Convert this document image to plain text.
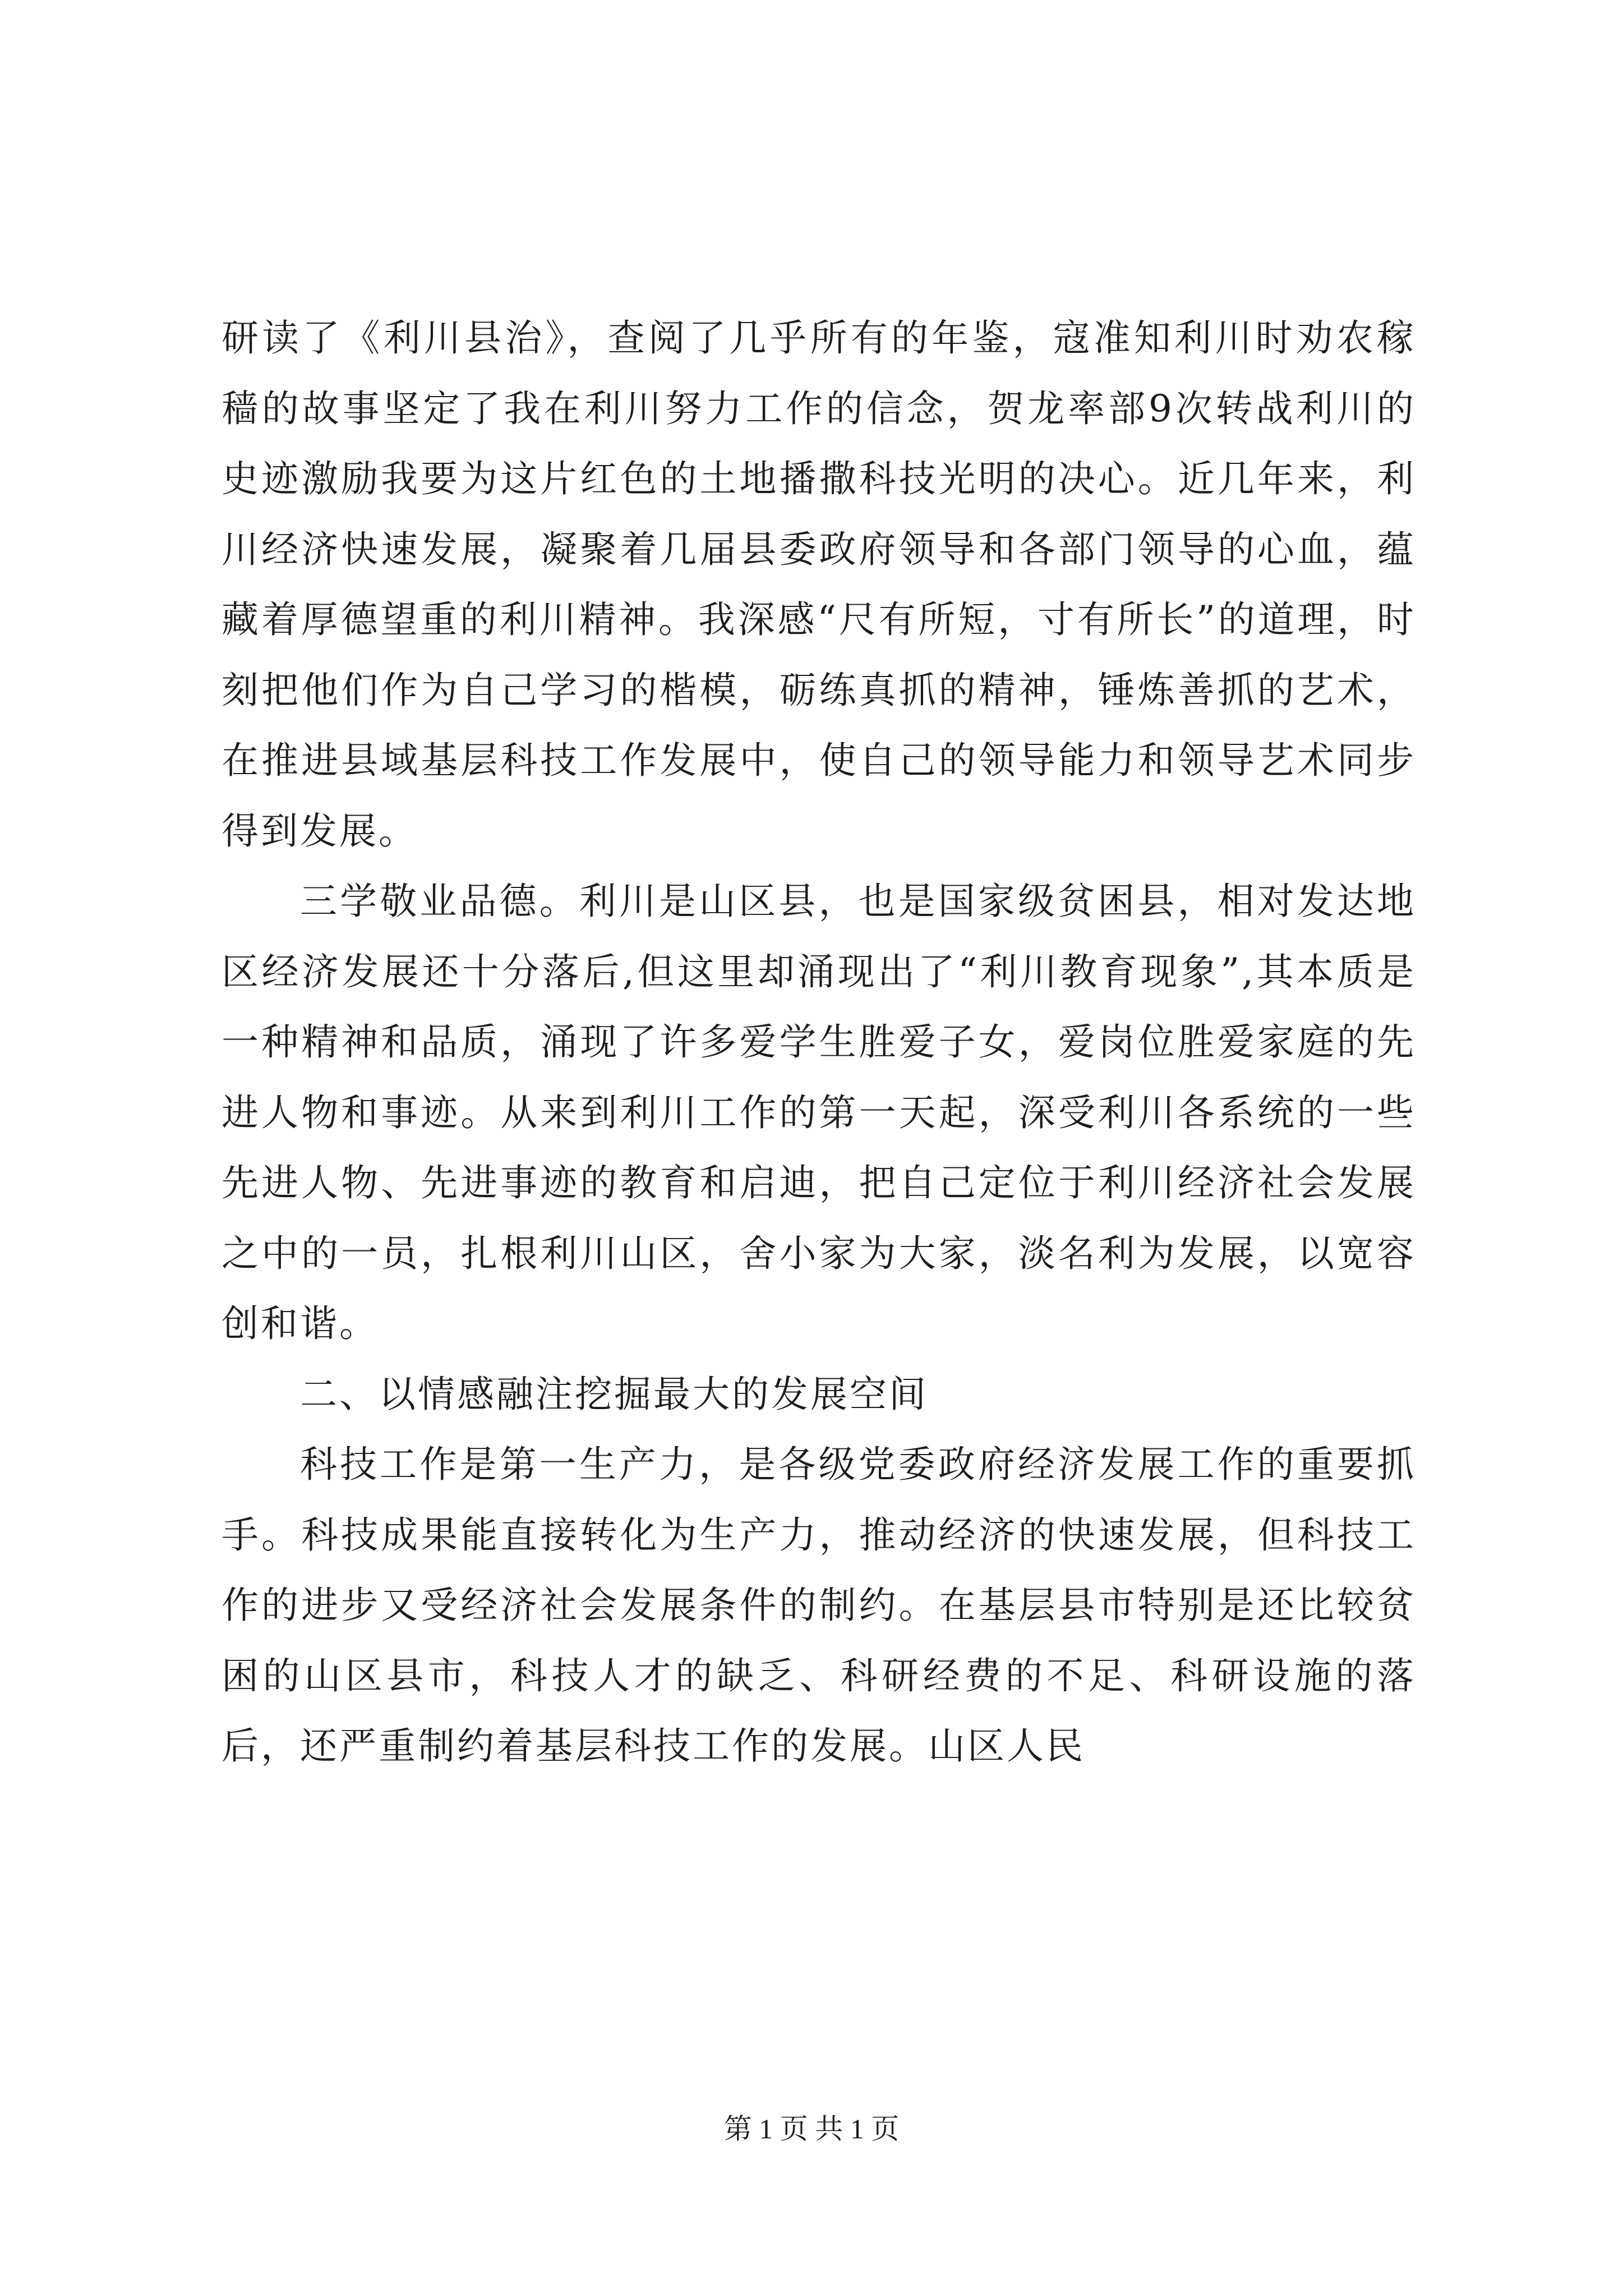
研读了《利川县治》，查阅了几乎所有的年鉴，寇准知利川时劝农稼穑的故事坚定了我在利川努力工作的信念，贺龙率部9次转战利川的史迹激励我要为这片红色的土地播撒科技光明的决心。近几年来，利川经济快速发展，凝聚着几届县委政府领导和各部门领导的心血，蕴藏着厚德望重的利川精神。我深感“尺有所短，寸有所长”的道理，时刻把他们作为自己学习的楷模，砺练真抓的精神，锤炼善抓的艺术，在推进县域基层科技工作发展中，使自己的领导能力和领导艺术同步得到发展。

三学敬业品德。利川是山区县，也是国家级贫困县，相对发达地区经济发展还十分落后,但这里却涌现出了“利川教育现象”,其本质是一种精神和品质，涌现了许多爱学生胜爱子女，爱岗位胜爱家庭的先进人物和事迹。从来到利川工作的第一天起，深受利川各系统的一些先进人物、先进事迹的教育和启迪，把自己定位于利川经济社会发展之中的一员，扎根利川山区，舍小家为大家，淡名利为发展，以宽容创和谐。

二、以情感融注挖掘最大的发展空间

科技工作是第一生产力，是各级党委政府经济发展工作的重要抓手。科技成果能直接转化为生产力，推动经济的快速发展，但科技工作的进步又受经济社会发展条件的制约。在基层县市特别是还比较贫困的山区县市，科技人才的缺乏、科研经费的不足、科研设施的落后，还严重制约着基层科技工作的发展。山区人民

第 1 页 共 1 页
